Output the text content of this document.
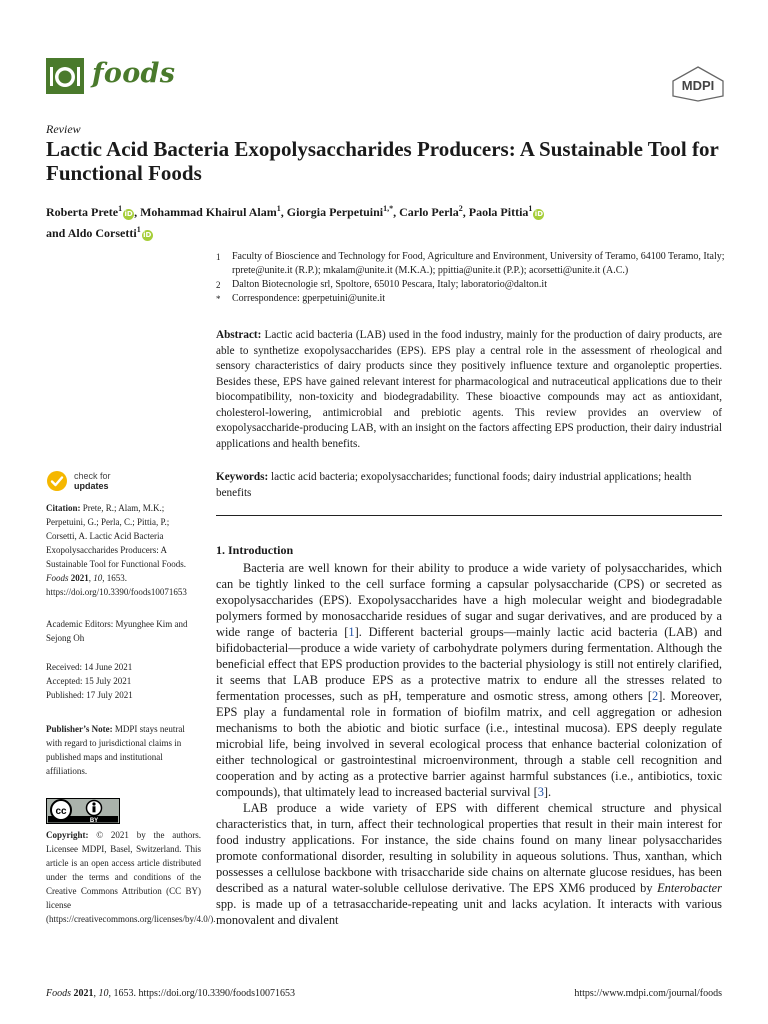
foods	MDPI
Review
Lactic Acid Bacteria Exopolysaccharides Producers: A Sustainable Tool for Functional Foods
Roberta Prete$^1$iD, Mohammad Khairul Alam$^1$, Giorgia Perpetuini$^{1,*}$, Carlo Perla$^2$, Paola Pittia$^1$iD
and Aldo Corsetti$^1$iD
1	Faculty of Bioscience and Technology for Food, Agriculture and Environment, University of Teramo, 64100 Teramo, Italy; rprete@unite.it (R.P.); mkalam@unite.it (M.K.A.); ppittia@unite.it (P.P.); acorsetti@unite.it (A.C.)
2	Dalton Biotecnologie srl, Spoltore, 65010 Pescara, Italy; laboratorio@dalton.it
*	Correspondence: gperpetuini@unite.it
Abstract: Lactic acid bacteria (LAB) used in the food industry, mainly for the production of dairy products, are able to synthetize exopolysaccharides (EPS). EPS play a central role in the assessment of rheological and sensory characteristics of dairy products since they positively influence texture and organoleptic properties. Besides these, EPS have gained relevant interest for pharmacological and nutraceutical applications due to their biocompatibility, non-toxicity and biodegradability. These bioactive compounds may act as antioxidant, cholesterol-lowering, antimicrobial and prebiotic agents. This review provides an overview of exopolysaccharide-producing LAB, with an insight on the factors affecting EPS production, their dairy industrial applications and health benefits.
Keywords: lactic acid bacteria; exopolysaccharides; functional foods; dairy industrial applications; health benefits
check for
updates
Citation: Prete, R.; Alam, M.K.; Perpetuini, G.; Perla, C.; Pittia, P.; Corsetti, A. Lactic Acid Bacteria Exopolysaccharides Producers: A Sustainable Tool for Functional Foods. Foods 2021, 10, 1653. https://doi.org/10.3390/foods10071653
Academic Editors: Myunghee Kim and Sejong Oh
Received: 14 June 2021
Accepted: 15 July 2021
Published: 17 July 2021
Publisher’s Note: MDPI stays neutral with regard to jurisdictional claims in published maps and institutional affiliations.
cc
BY
Copyright: © 2021 by the authors. Licensee MDPI, Basel, Switzerland. This article is an open access article distributed under the terms and conditions of the Creative Commons Attribution (CC BY) license (https://creativecommons.org/licenses/by/4.0/).
1. Introduction

Bacteria are well known for their ability to produce a wide variety of polysaccharides, which can be tightly linked to the cell surface forming a capsular polysaccharide (CPS) or secreted as exopolysaccharides (EPS). Exopolysaccharides have a high molecular weight and biodegradable polymers formed by monosaccharide residues of sugar and sugar derivatives, and are produced by a wide range of bacteria [1]. Different bacterial groups—mainly lactic acid bacteria (LAB) and bifidobacterial—produce a wide variety of carbohydrate polymers during fermentation. Although the beneficial effect that EPS production provides to the bacterial physiology is still not entirely clarified, it seems that LAB produce EPS as a protective matrix to endure all the stresses related to fermentation processes, such as pH, temperature and osmotic stress, among others [2]. Moreover, EPS play a fundamental role in formation of biofilm matrix, and cell aggregation or adhesion mechanisms to both the abiotic and biotic surface (i.e., intestinal mucosa). EPS deeply regulate microbial life, being involved in several ecological process that enhance bacterial colonization of either technological or gastrointestinal microenvironment, through a stable cell recognition and cooperation and by acting as a protective barrier against harmful substances (i.e., antibiotics, toxic compounds), that ultimately lead to increased bacterial survival [3].

LAB produce a wide variety of EPS with different chemical structure and physical characteristics that, in turn, affect their technological properties that result in their main interest for food industry applications. For instance, the side chains found on many linear polysaccharides promote conformational disorder, resulting in solubility in aqueous solutions. Thus, xanthan, which possesses a cellulose backbone with trisaccharide side chains on alternate glucose residues, has been described as a natural water-soluble cellulose derivative. The EPS XM6 produced by Enterobacter spp. is made up of a tetrasaccharide-repeating unit and lacks acylation. It interacts with various monovalent and divalent

Foods 2021, 10, 1653. https://doi.org/10.3390/foods10071653	https://www.mdpi.com/journal/foods
